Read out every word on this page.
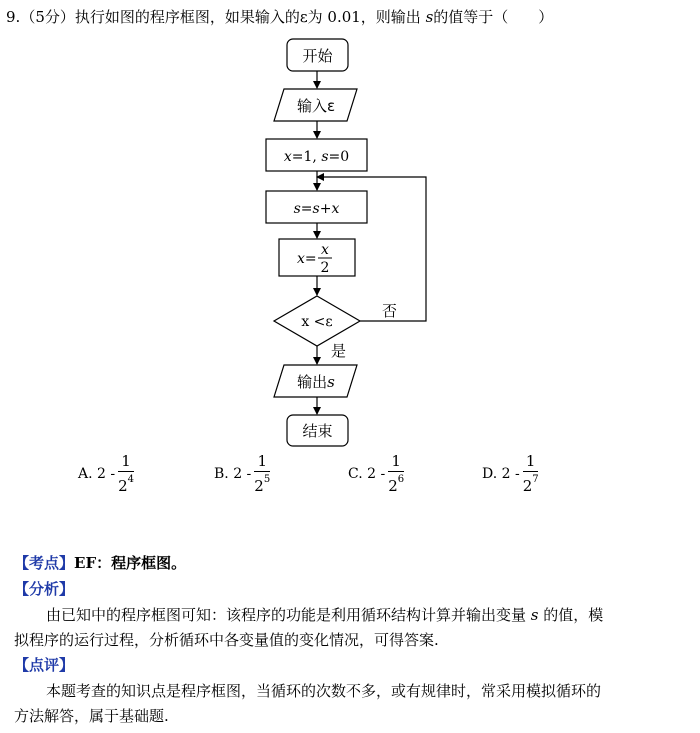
9.（5分）执行如图的程序框图，如果输入的ε为 0.01，则输出 s的值等于（　　）
开始
输入ε
x=1, s=0
s=s+x
x=
x
2
x <ε
否
是
输出s
结束
A.
$2 - \frac{1}{2^4}$	B.
$2 - \frac{1}{2^5}$	C.
$2 - \frac{1}{2^6}$	D.
$2 - \frac{1}{2^7}$
【考点】EF：程序框图。
【分析】
由已知中的程序框图可知：该程序的功能是利用循环结构计算并输出变量 s 的值，模
拟程序的运行过程，分析循环中各变量值的变化情况，可得答案.
【点评】
本题考查的知识点是程序框图，当循环的次数不多，或有规律时，常采用模拟循环的
方法解答，属于基础题.
